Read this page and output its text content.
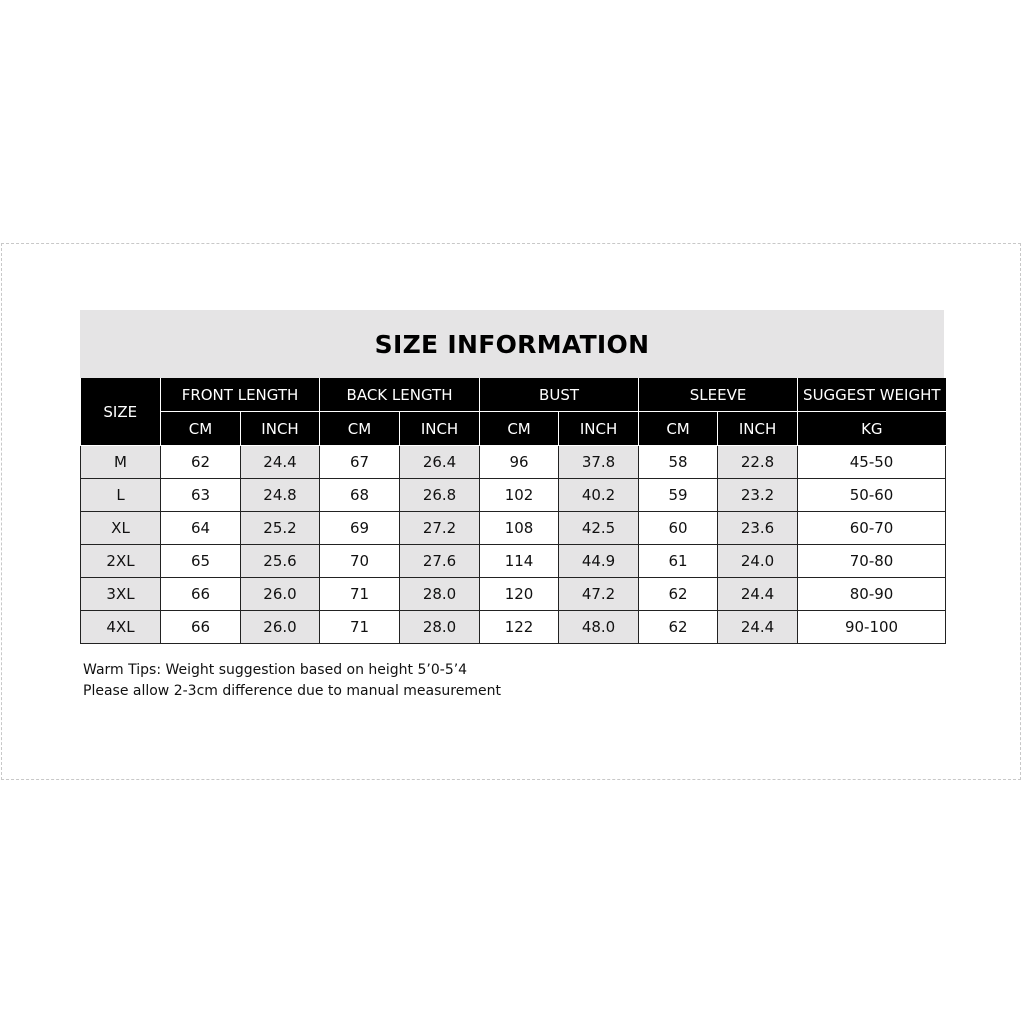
SIZE INFORMATION
SIZE	FRONT LENGTH		BACK LENGTH		BUST		SLEEVE		SUGGEST WEIGHT
	CM	INCH	CM	INCH	CM	INCH	CM	INCH	KG
M	62	24.4	67	26.4	96	37.8	58	22.8	45-50
L	63	24.8	68	26.8	102	40.2	59	23.2	50-60
XL	64	25.2	69	27.2	108	42.5	60	23.6	60-70
2XL	65	25.6	70	27.6	114	44.9	61	24.0	70-80
3XL	66	26.0	71	28.0	120	47.2	62	24.4	80-90
4XL	66	26.0	71	28.0	122	48.0	62	24.4	90-100

Warm Tips: Weight suggestion based on height 5’0-5’4

Please allow 2-3cm difference due to manual measurement
